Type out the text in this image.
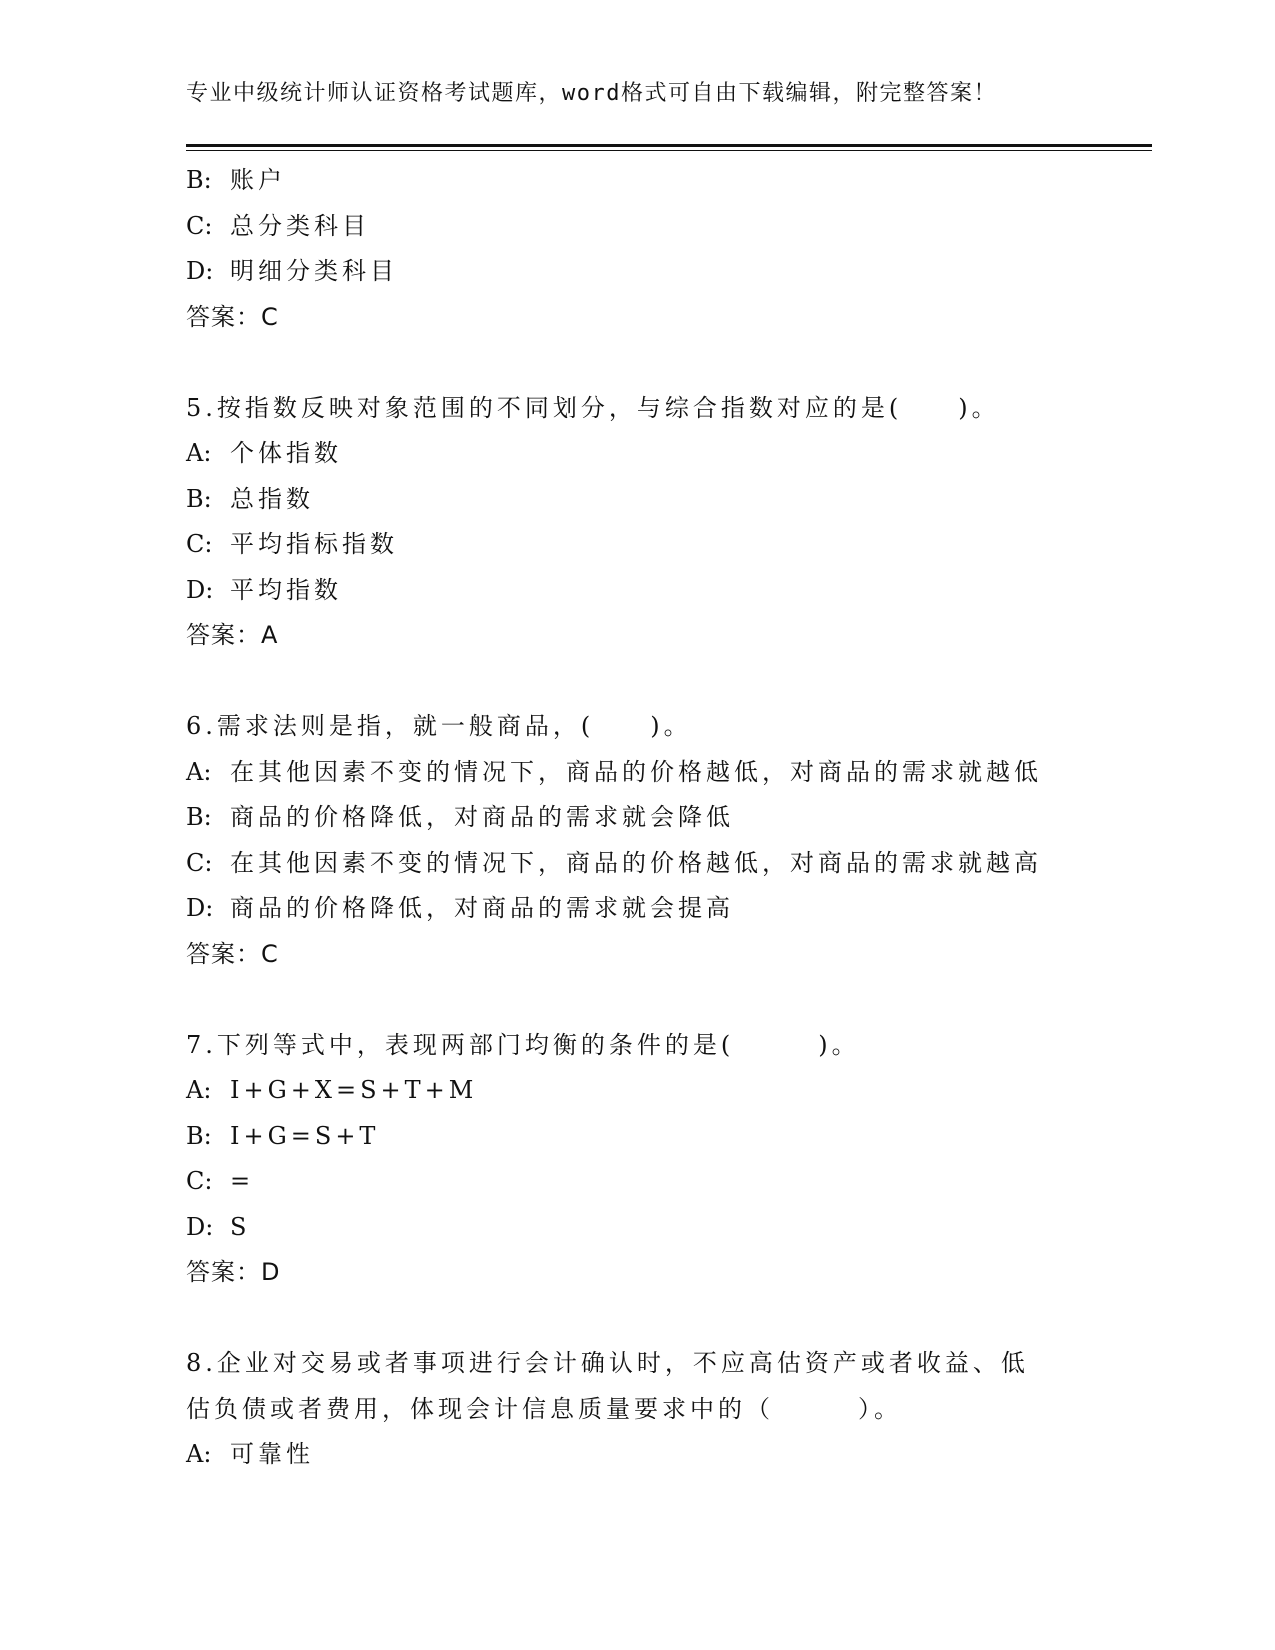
专业中级统计师认证资格考试题库，word格式可自由下载编辑，附完整答案！
B: 账户
C: 总分类科目
D: 明细分类科目
答案：C
5.按指数反映对象范围的不同划分，与综合指数对应的是(　　)。
A: 个体指数
B: 总指数
C: 平均指标指数
D: 平均指数
答案：A
6.需求法则是指，就一般商品，(　　)。
A: 在其他因素不变的情况下，商品的价格越低，对商品的需求就越低
B: 商品的价格降低，对商品的需求就会降低
C: 在其他因素不变的情况下，商品的价格越低，对商品的需求就越高
D: 商品的价格降低，对商品的需求就会提高
答案：C
7.下列等式中，表现两部门均衡的条件的是(　　　)。
A: I+G+X=S+T+M
B: I+G=S+T
C: =
D: S
答案：D
8.企业对交易或者事项进行会计确认时，不应高估资产或者收益、低
估负债或者费用，体现会计信息质量要求中的（　　　）。
A: 可靠性
